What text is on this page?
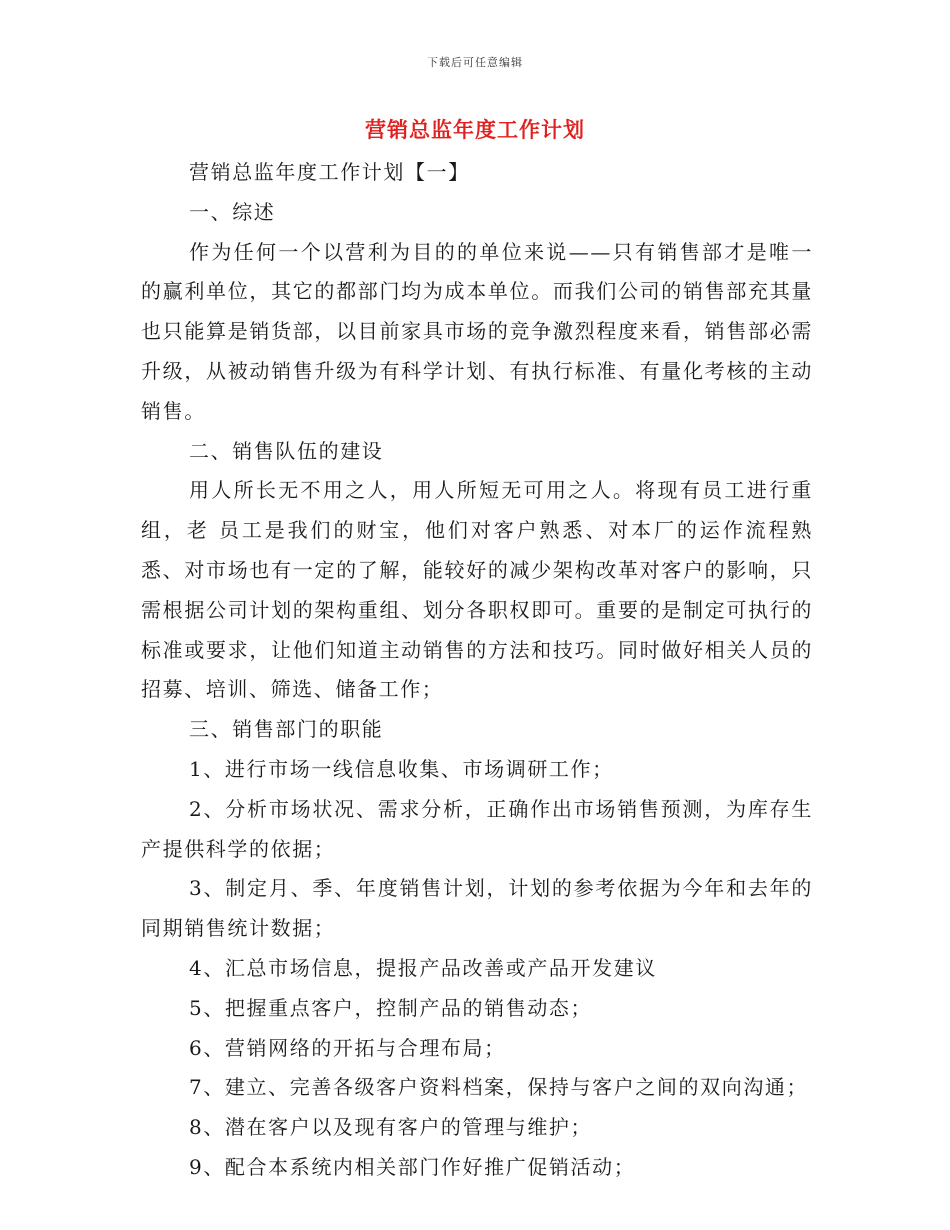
下载后可任意编辑
营销总监年度工作计划

营销总监年度工作计划【一】

一、综述

作为任何一个以营利为目的的单位来说——只有销售部才是唯一的赢利单位，其它的都部门均为成本单位。而我们公司的销售部充其量也只能算是销货部，以目前家具市场的竞争激烈程度来看，销售部必需升级，从被动销售升级为有科学计划、有执行标准、有量化考核的主动销售。

二、销售队伍的建设

用人所长无不用之人，用人所短无可用之人。将现有员工进行重组，老 员工是我们的财宝，他们对客户熟悉、对本厂的运作流程熟悉、对市场也有一定的了解，能较好的减少架构改革对客户的影响，只需根据公司计划的架构重组、划分各职权即可。重要的是制定可执行的标准或要求，让他们知道主动销售的方法和技巧。同时做好相关人员的招募、培训、筛选、储备工作；

三、销售部门的职能

1、进行市场一线信息收集、市场调研工作；

2、分析市场状况、需求分析，正确作出市场销售预测，为库存生产提供科学的依据；

3、制定月、季、年度销售计划，计划的参考依据为今年和去年的同期销售统计数据；

4、汇总市场信息，提报产品改善或产品开发建议

5、把握重点客户，控制产品的销售动态；

6、营销网络的开拓与合理布局；

7、建立、完善各级客户资料档案，保持与客户之间的双向沟通；

8、潜在客户以及现有客户的管理与维护；

9、配合本系统内相关部门作好推广促销活动；
